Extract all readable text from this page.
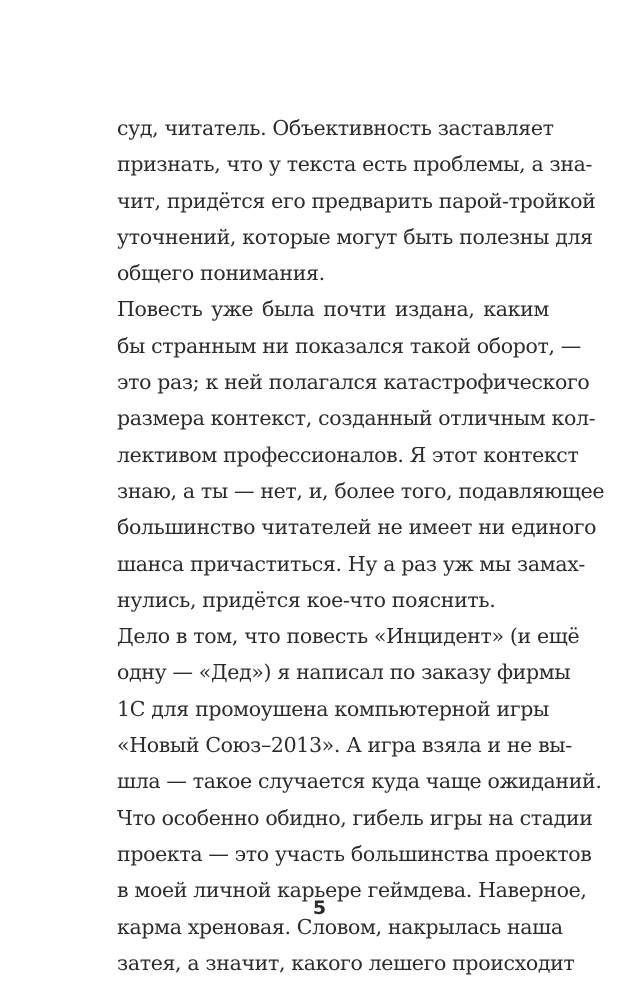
суд, читатель. Объективность заставляет
признать, что у текста есть проблемы, а зна-
чит, придётся его предварить парой-тройкой
уточнений, которые могут быть полезны для
общего понимания.
Повесть уже была почти издана, каким
бы странным ни показался такой оборот, —
это раз; к ней полагался катастрофического
размера контекст, созданный отличным кол-
лективом профессионалов. Я этот контекст
знаю, а ты — нет, и, более того, подавляющее
большинство читателей не имеет ни единого
шанса причаститься. Ну а раз уж мы замах-
нулись, придётся кое-что пояснить.
Дело в том, что повесть «Инцидент» (и ещё
одну — «Дед») я написал по заказу фирмы
1С для промоушена компьютерной игры
«Новый Союз–2013». А игра взяла и не вы-
шла — такое случается куда чаще ожиданий.
Что особенно обидно, гибель игры на стадии
проекта — это участь большинства проектов
в моей личной карьере геймдева. Наверное,
карма хреновая. Словом, накрылась наша
затея, а значит, какого лешего происходит
5
